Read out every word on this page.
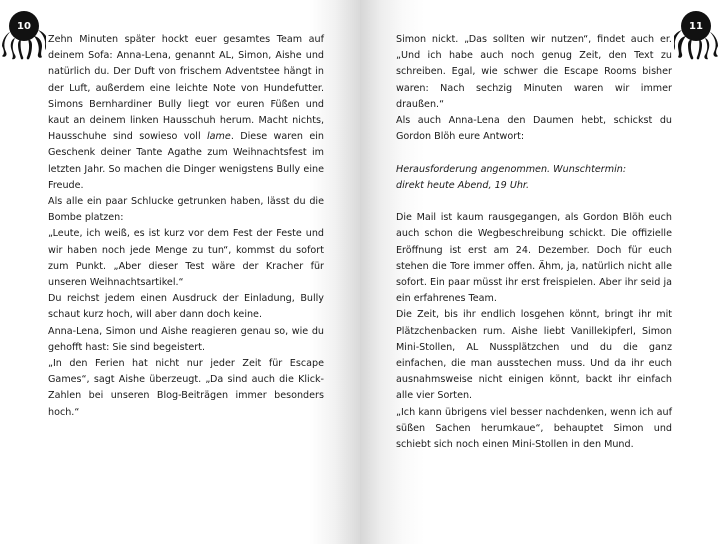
10

Zehn Minuten später hockt euer gesamtes Team auf deinem Sofa: Anna-Lena, genannt AL, Simon, Aishe und natürlich du. Der Duft von frischem Adventstee hängt in der Luft, außerdem eine leichte Note von Hundefutter. Simons Bernhardiner Bully liegt vor euren Füßen und kaut an deinem linken Hausschuh herum. Macht nichts, Hausschuhe sind sowieso voll lame. Diese waren ein Geschenk deiner Tante Agathe zum Weihnachtsfest im letzten Jahr. So machen die Dinger wenigstens Bully eine Freude.

Als alle ein paar Schlucke getrunken haben, lässt du die Bombe platzen:

„Leute, ich weiß, es ist kurz vor dem Fest der Feste und wir haben noch jede Menge zu tun“, kommst du sofort zum Punkt. „Aber dieser Test wäre der Kracher für unseren Weihnachtsartikel.“

Du reichst jedem einen Ausdruck der Einladung, Bully schaut kurz hoch, will aber dann doch keine.

Anna-Lena, Simon und Aishe reagieren genau so, wie du gehofft hast: Sie sind begeistert.

„In den Ferien hat nicht nur jeder Zeit für Escape Games“, sagt Aishe überzeugt. „Da sind auch die Klick-Zahlen bei unseren Blog-Beiträgen immer besonders hoch.“

11

Simon nickt. „Das sollten wir nutzen“, findet auch er. „Und ich habe auch noch genug Zeit, den Text zu schreiben. Egal, wie schwer die Escape Rooms bisher waren: Nach sechzig Minuten waren wir immer draußen.“

Als auch Anna-Lena den Daumen hebt, schickst du Gordon Blöh eure Antwort:

Herausforderung angenommen. Wunschtermin:

direkt heute Abend, 19 Uhr.

Die Mail ist kaum rausgegangen, als Gordon Blöh euch auch schon die Wegbeschreibung schickt. Die offizielle Eröffnung ist erst am 24. Dezember. Doch für euch stehen die Tore immer offen. Ähm, ja, natürlich nicht alle sofort. Ein paar müsst ihr erst freispielen. Aber ihr seid ja ein erfahrenes Team.

Die Zeit, bis ihr endlich losgehen könnt, bringt ihr mit Plätzchenbacken rum. Aishe liebt Vanillekipferl, Simon Mini-Stollen, AL Nussplätzchen und du die ganz einfachen, die man ausstechen muss. Und da ihr euch ausnahmsweise nicht einigen könnt, backt ihr einfach alle vier Sorten.

„Ich kann übrigens viel besser nachdenken, wenn ich auf süßen Sachen herumkaue“, behauptet Simon und schiebt sich noch einen Mini-Stollen in den Mund.
